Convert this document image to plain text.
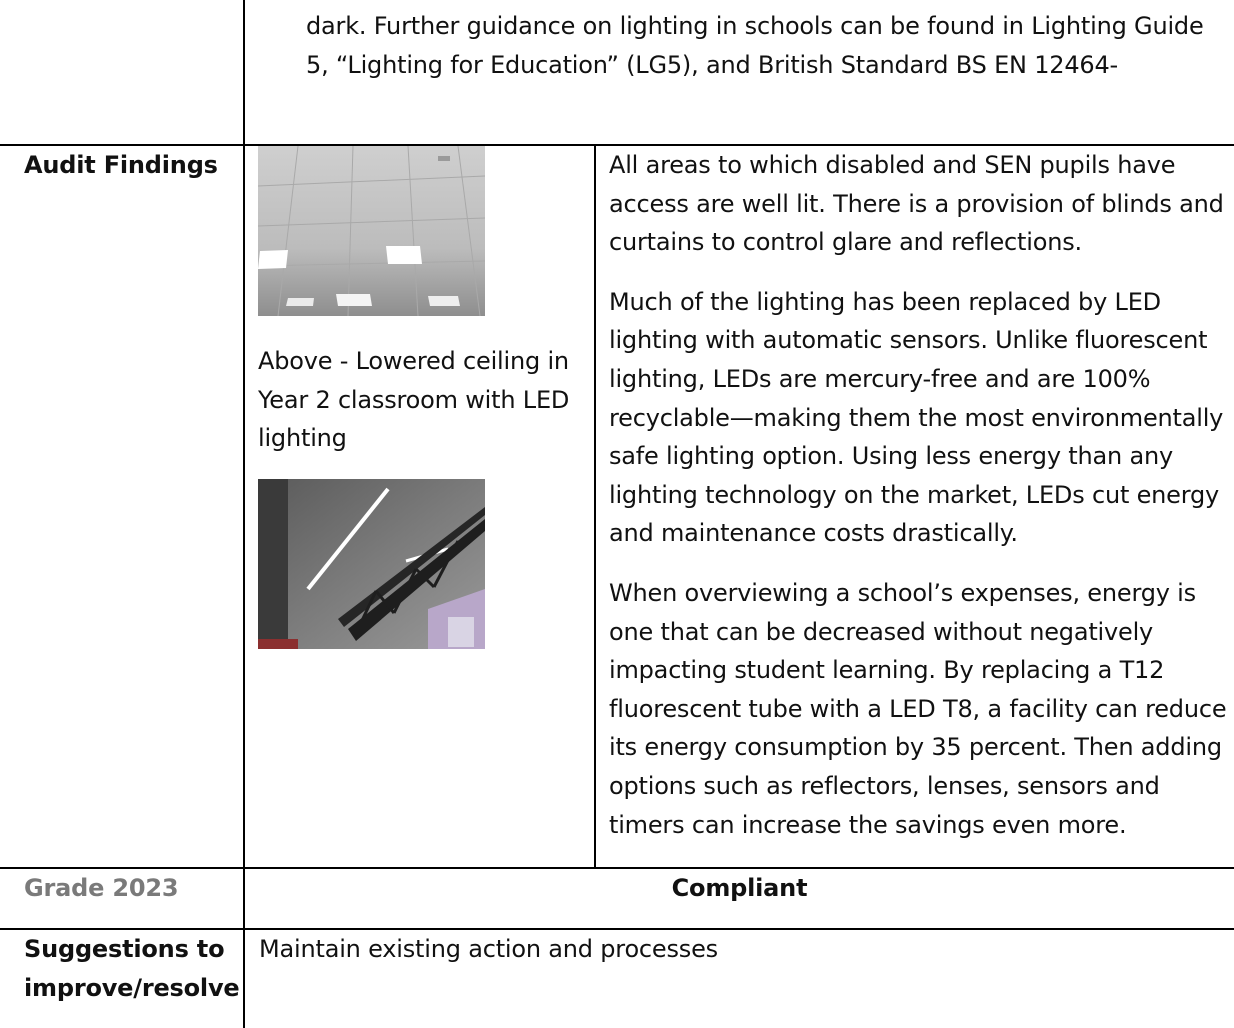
dark. Further guidance on lighting in schools can be found in Lighting Guide 5, “Lighting for Education” (LG5), and British Standard BS EN 12464-
Audit Findings
Above - Lowered ceiling in Year 2 classroom with LED lighting

All areas to which disabled and SEN pupils have access are well lit. There is a provision of blinds and curtains to control glare and reflections.

Much of the lighting has been replaced by LED lighting with automatic sensors. Unlike fluorescent lighting, LEDs are mercury-free and are 100% recyclable—making them the most environmentally safe lighting option. Using less energy than any lighting technology on the market, LEDs cut energy and maintenance costs drastically.

When overviewing a school’s expenses, energy is one that can be decreased without negatively impacting student learning. By replacing a T12 fluorescent tube with a LED T8, a facility can reduce its energy consumption by 35 percent. Then adding options such as reflectors, lenses, sensors and timers can increase the savings even more.

Grade 2023	Compliant
Suggestions to improve/resolve
Maintain existing action and processes
